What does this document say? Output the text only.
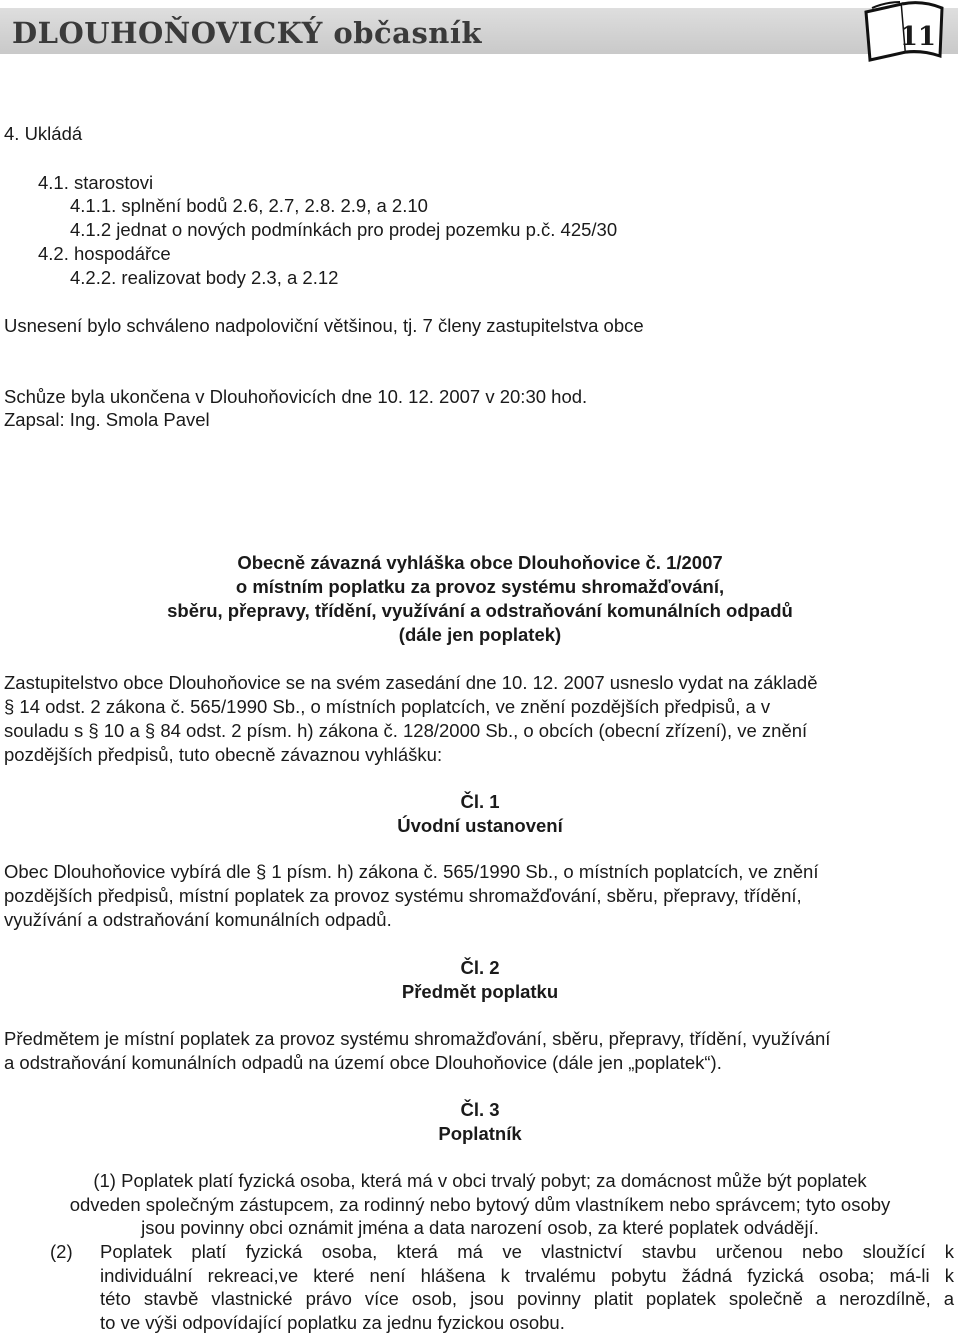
DLOUHOŇOVICKÝ občasník	11
4. Ukládá
4.1. starostovi
4.1.1. splnění bodů 2.6, 2.7, 2.8. 2.9, a 2.10
4.1.2 jednat o nových podmínkách pro prodej pozemku p.č. 425/30
4.2. hospodářce
4.2.2. realizovat body 2.3, a 2.12
Usnesení bylo schváleno nadpoloviční většinou, tj. 7 členy zastupitelstva obce
Schůze byla ukončena v Dlouhoňovicích dne 10. 12. 2007 v 20:30 hod.
Zapsal: Ing. Smola Pavel
Obecně závazná vyhláška obce Dlouhoňovice č. 1/2007
o místním poplatku za provoz systému shromažďování,
sběru, přepravy, třídění, využívání a odstraňování komunálních odpadů
(dále jen poplatek)
Zastupitelstvo obce Dlouhoňovice se na svém zasedání dne 10. 12. 2007 usneslo vydat na základě
§ 14 odst. 2 zákona č. 565/1990 Sb., o místních poplatcích, ve znění pozdějších předpisů, a v
souladu s § 10 a § 84 odst. 2 písm. h) zákona č. 128/2000 Sb., o obcích (obecní zřízení), ve znění
pozdějších předpisů, tuto obecně závaznou vyhlášku:
Čl. 1
Úvodní ustanovení
Obec Dlouhoňovice vybírá dle § 1 písm. h) zákona č. 565/1990 Sb., o místních poplatcích, ve znění
pozdějších předpisů, místní poplatek za provoz systému shromažďování, sběru, přepravy, třídění,
využívání a odstraňování komunálních odpadů.
Čl. 2
Předmět poplatku
Předmětem je místní poplatek za provoz systému shromažďování, sběru, přepravy, třídění, využívání
a odstraňování komunálních odpadů na území obce Dlouhoňovice (dále jen „poplatek“).
Čl. 3
Poplatník
(1) Poplatek platí fyzická osoba, která má v obci trvalý pobyt; za domácnost může být poplatek
odveden společným zástupcem, za rodinný nebo bytový dům vlastníkem nebo správcem; tyto osoby
jsou povinny obci oznámit jména a data narození osob, za které poplatek odvádějí.
(2) Poplatek platí fyzická osoba, která má ve vlastnictví stavbu určenou nebo sloužící k
individuální rekreaci,ve které není hlášena k trvalému pobytu žádná fyzická osoba; má-li k
této stavbě vlastnické právo více osob, jsou povinny platit poplatek společně a nerozdílně, a
to ve výši odpovídající poplatku za jednu fyzickou osobu.
